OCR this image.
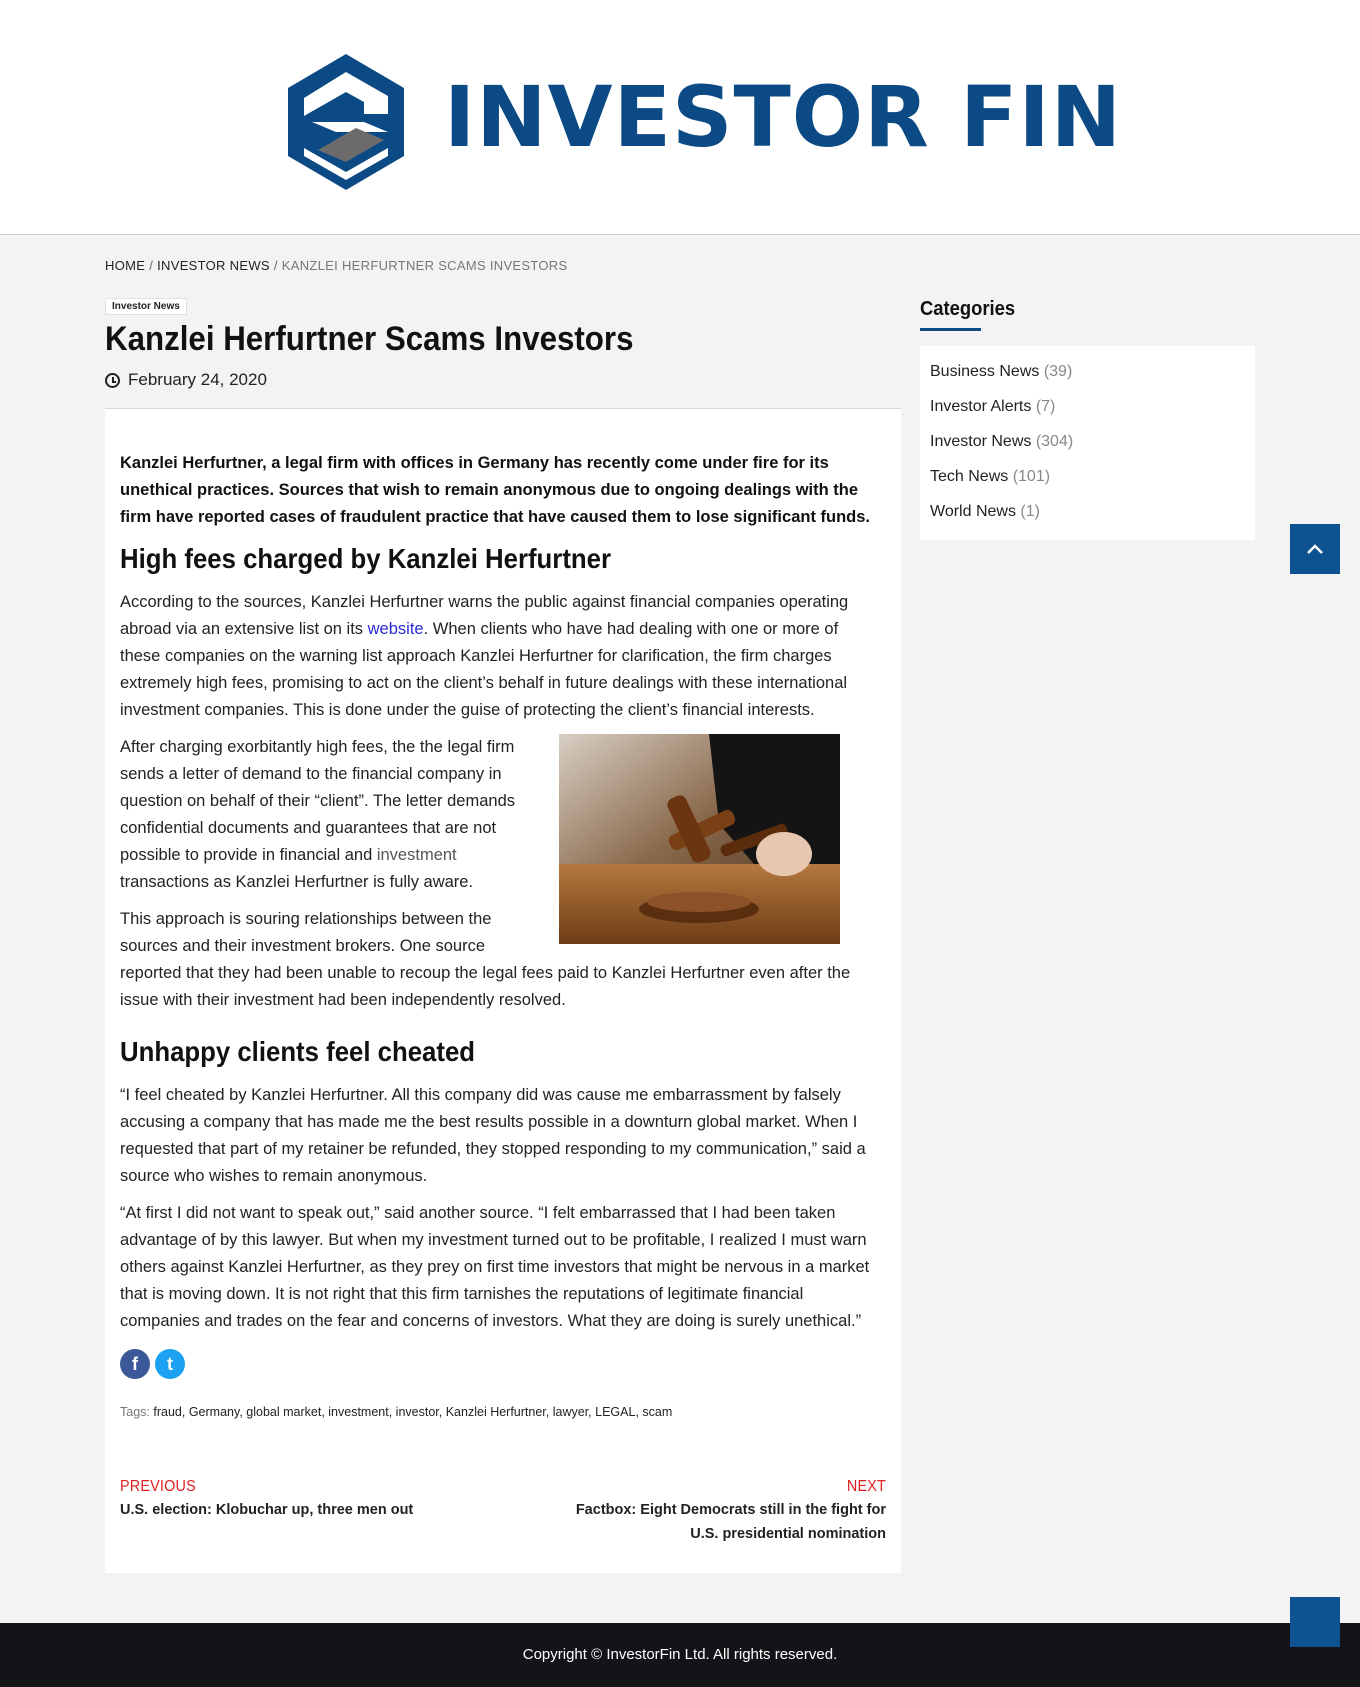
INVESTOR FIN
HOME / INVESTOR NEWS / KANZLEI HERFURTNER SCAMS INVESTORS
Investor News
Kanzlei Herfurtner Scams Investors
February 24, 2020

Kanzlei Herfurtner, a legal firm with offices in Germany has recently come under fire for its unethical practices. Sources that wish to remain anonymous due to ongoing dealings with the firm have reported cases of fraudulent practice that have caused them to lose significant funds.

High fees charged by Kanzlei Herfurtner

According to the sources, Kanzlei Herfurtner warns the public against financial companies operating abroad via an extensive list on its website. When clients who have had dealing with one or more of these companies on the warning list approach Kanzlei Herfurtner for clarification, the firm charges extremely high fees, promising to act on the client’s behalf in future dealings with these international investment companies. This is done under the guise of protecting the client’s financial interests.

After charging exorbitantly high fees, the the legal firm sends a letter of demand to the financial company in question on behalf of their “client”. The letter demands confidential documents and guarantees that are not possible to provide in financial and investment transactions as Kanzlei Herfurtner is fully aware.

This approach is souring relationships between the sources and their investment brokers. One source reported that they had been unable to recoup the legal fees paid to Kanzlei Herfurtner even after the issue with their investment had been independently resolved.

Unhappy clients feel cheated

“I feel cheated by Kanzlei Herfurtner. All this company did was cause me embarrassment by falsely accusing a company that has made me the best results possible in a downturn global market. When I requested that part of my retainer be refunded, they stopped responding to my communication,” said a source who wishes to remain anonymous.

“At first I did not want to speak out,” said another source. “I felt embarrassed that I had been taken advantage of by this lawyer. But when my investment turned out to be profitable, I realized I must warn others against Kanzlei Herfurtner, as they prey on first time investors that might be nervous in a market that is moving down. It is not right that this firm tarnishes the reputations of legitimate financial companies and trades on the fear and concerns of investors. What they are doing is surely unethical.”

f	t
Tags: fraud, Germany, global market, investment, investor, Kanzlei Herfurtner, lawyer, LEGAL, scam
PREVIOUS
U.S. election: Klobuchar up, three men out
NEXT
Factbox: Eight Democrats still in the fight for U.S. presidential nomination
Categories
Business News (39)
Investor Alerts (7)
Investor News (304)
Tech News (101)
World News (1)
Copyright © InvestorFin Ltd. All rights reserved.
